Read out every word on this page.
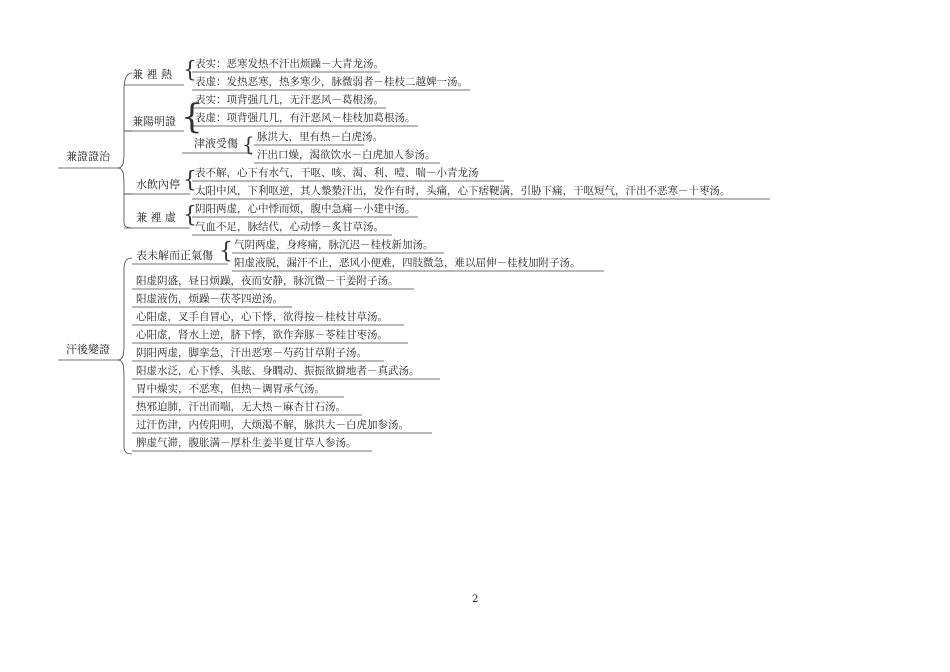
兼證證治
兼 裡 熱 {
表实：恶寒发热不汗出烦躁－大青龙汤。
表虚：发热恶寒，热多寒少，脉微弱者－桂枝二越婢一汤。
兼陽明證 {
表实：项背强几几，无汗恶风－葛根汤。
表虚：项背强几几，有汗恶风－桂枝加葛根汤。
津液受傷 { 脉洪大，里有热－白虎汤。
汗出口燥，渴欲饮水－白虎加人参汤。
水飲內停 {
表不解，心下有水气，干呕、咳、渴、利、噎、喘－小青龙汤
太阳中风，下利呕逆，其人漐漐汗出，发作有时，头痛，心下痞鞕满，引胁下痛，干呕短气，汗出不恶寒－十枣汤。
兼 裡 虛 {
阴阳两虚，心中悸而烦，腹中急痛－小建中汤。
气血不足，脉结代，心动悸－炙甘草汤。
汗後變證
表未解而正氣傷 { 气阴两虚，身疼痛，脉沉迟－桂枝新加汤。
阳虚液脱，漏汗不止，恶风小便难，四肢微急，难以屈伸－桂枝加附子汤。
阳虚阴盛，昼日烦躁，夜而安静，脉沉微－干姜附子汤。
阳虚液伤，烦躁－茯苓四逆汤。
心阳虚，叉手自冒心，心下悸，欲得按－桂枝甘草汤。
心阳虚，肾水上逆，脐下悸，欲作奔豚－苓桂甘枣汤。
阴阳两虚，脚挛急，汗出恶寒－芍药甘草附子汤。
阳虚水泛，心下悸、头眩、身瞤动、振振欲擗地者－真武汤。
胃中燥实，不恶寒，但热－调胃承气汤。
热邪迫肺，汗出而喘，无大热－麻杏甘石汤。
过汗伤津，内传阳明，大烦渴不解，脉洪大－白虎加参汤。
脾虚气滞，腹胀满－厚朴生姜半夏甘草人参汤。
2
